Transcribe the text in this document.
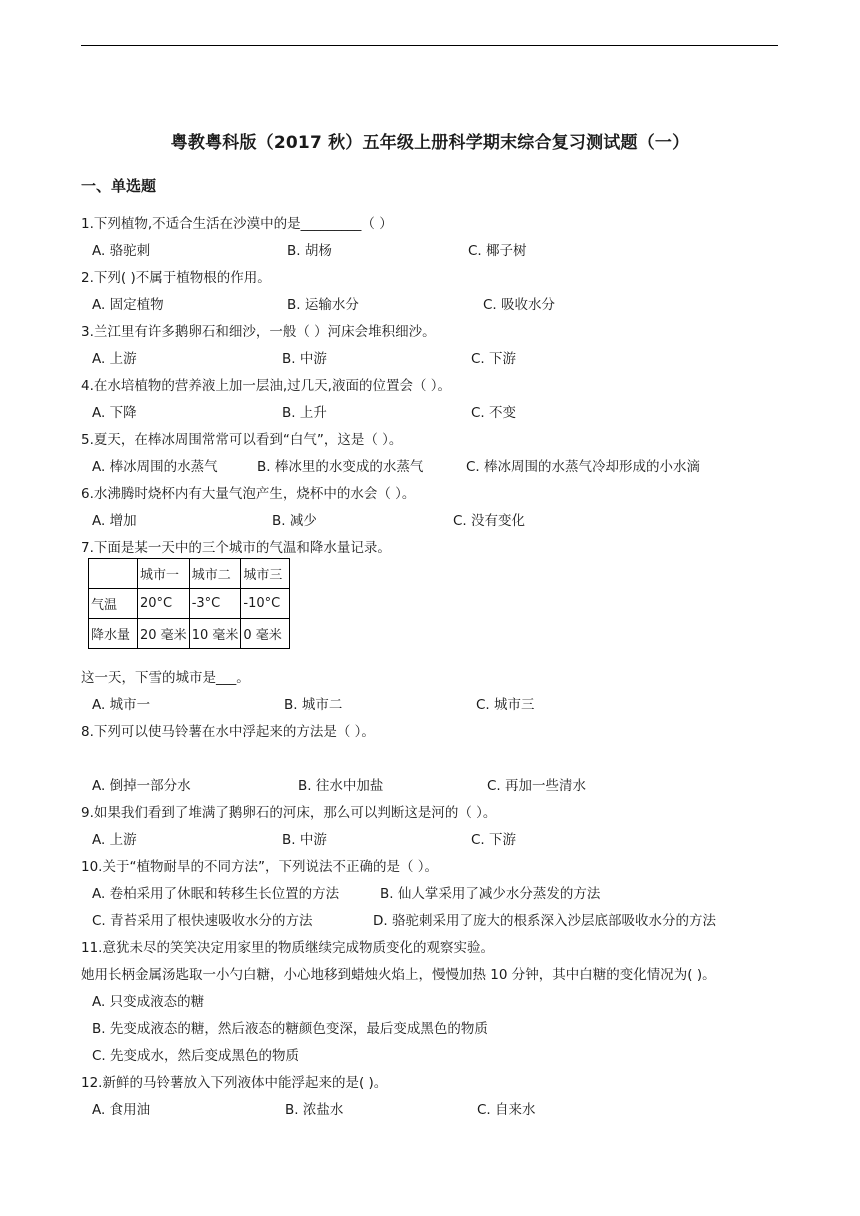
粤教粤科版（2017 秋）五年级上册科学期末综合复习测试题（一）
一、单选题
1.下列植物,不适合生活在沙漠中的是_________（ ）
A. 骆驼刺	B. 胡杨	C. 椰子树
2.下列( )不属于植物根的作用。
A. 固定植物	B. 运输水分	C. 吸收水分
3.兰江里有许多鹅卵石和细沙，一般（ ）河床会堆积细沙。
A. 上游	B. 中游	C. 下游
4.在水培植物的营养液上加一层油,过几天,液面的位置会（ ）。
A. 下降	B. 上升	C. 不变
5.夏天，在棒冰周围常常可以看到“白气”，这是（ ）。
A. 棒冰周围的水蒸气	B. 棒冰里的水变成的水蒸气	C. 棒冰周围的水蒸气冷却形成的小水滴
6.水沸腾时烧杯内有大量气泡产生，烧杯中的水会（ ）。
A. 增加	B. 减少	C. 没有变化
7.下面是某一天中的三个城市的气温和降水量记录。
	城市一	城市二	城市三
气温	20°C	-3°C	-10°C
降水量	20 毫米	10 毫米	0 毫米
这一天，下雪的城市是___。
A. 城市一	B. 城市二	C. 城市三
8.下列可以使马铃薯在水中浮起来的方法是（ ）。
A. 倒掉一部分水	B. 往水中加盐	C. 再加一些清水
9.如果我们看到了堆满了鹅卵石的河床，那么可以判断这是河的（ ）。
A. 上游	B. 中游	C. 下游
10.关于“植物耐旱的不同方法”，下列说法不正确的是（ ）。
A. 卷柏采用了休眠和转移生长位置的方法	B. 仙人掌采用了减少水分蒸发的方法
C. 青苔采用了根快速吸收水分的方法	D. 骆驼刺采用了庞大的根系深入沙层底部吸收水分的方法
11.意犹未尽的笑笑决定用家里的物质继续完成物质变化的观察实验。
她用长柄金属汤匙取一小勺白糖，小心地移到蜡烛火焰上，慢慢加热 10 分钟，其中白糖的变化情况为( )。
A. 只变成液态的糖
B. 先变成液态的糖，然后液态的糖颜色变深，最后变成黑色的物质
C. 先变成水，然后变成黑色的物质
12.新鲜的马铃薯放入下列液体中能浮起来的是( )。
A. 食用油	B. 浓盐水	C. 自来水
